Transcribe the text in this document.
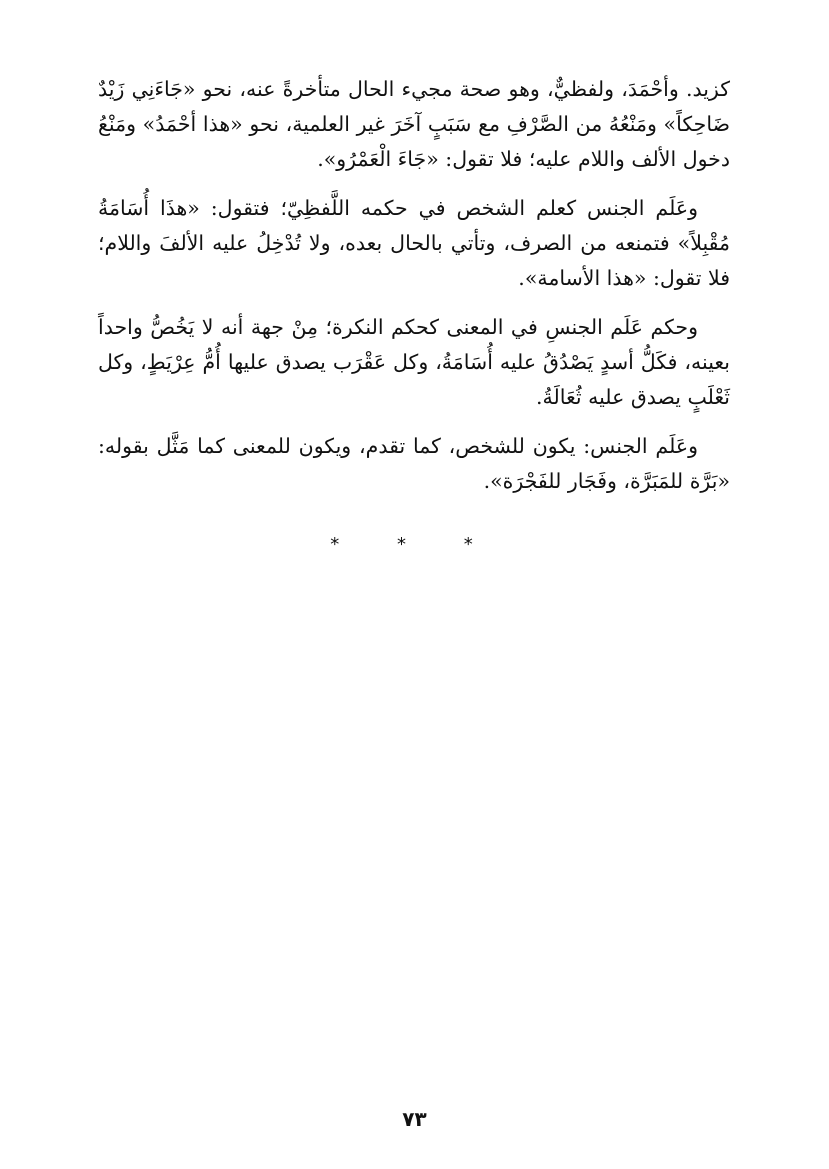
كزيد. وأحْمَدَ، ولفظيٌّ، وهو صحة مجيء الحال متأخرةً عنه، نحو «جَاءَنِي زَيْدٌ ضَاحِكاً» ومَنْعُهُ من الصَّرْفِ مع سَبَبٍ آخَرَ غير العلمية، نحو «هذا أحْمَدُ» ومَنْعُ دخول الألف واللام عليه؛ فلا تقول: «جَاءَ الْعَمْرُو».

وعَلَم الجنس كعلم الشخص في حكمه اللَّفظِيّ؛ فتقول: «هذَا أُسَامَةُ مُقْبِلاً» فتمنعه من الصرف، وتأتي بالحال بعده، ولا تُدْخِلُ عليه الألفَ واللام؛ فلا تقول: «هذا الأسامة».

وحكم عَلَم الجنسِ في المعنى كحكم النكرة؛ مِنْ جهة أنه لا يَخُصُّ واحداً بعينه، فكَلُّ أسدٍ يَصْدُقُ عليه أُسَامَةُ، وكل عَقْرَب يصدق عليها أُمُّ عِرْيَطٍ، وكل ثَعْلَبٍ يصدق عليه ثُعَالَةُ.

وعَلَم الجنس: يكون للشخص، كما تقدم، ويكون للمعنى كما مَثَّل بقوله: «بَرَّة للمَبَرَّة، وفَجَار للفَجْرَة».

* * *
٧٣
